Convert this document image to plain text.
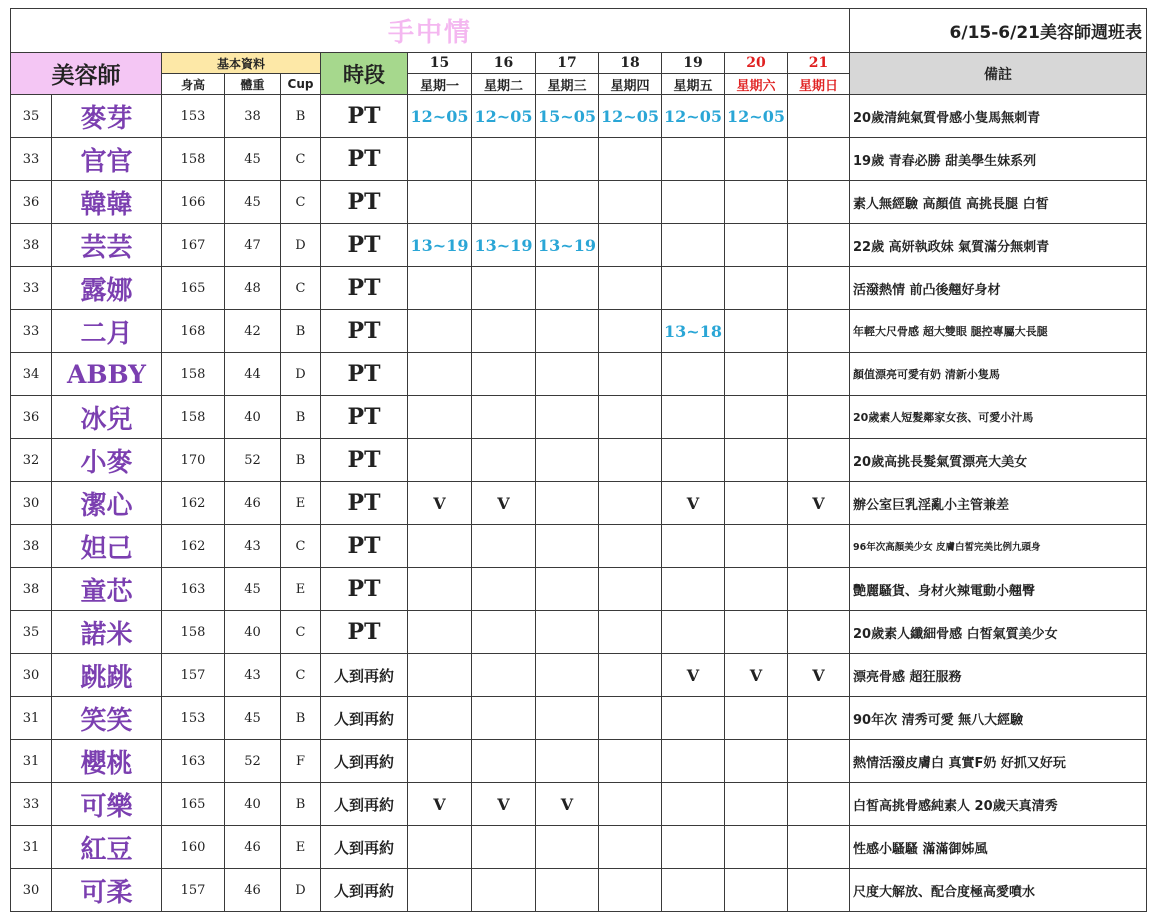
手中情													6/15-6/21美容師週班表
美容師		基本資料			時段	15	16	17	18	19	20	21	備註
		身高	體重	Cup		星期一	星期二	星期三	星期四	星期五	星期六	星期日	
35	麥芽	153	38	B	PT	12~05	12~05	15~05	12~05	12~05	12~05		20歲清純氣質骨感小隻馬無刺青
33	官官	158	45	C	PT								19歲 青春必勝 甜美學生妹系列
36	韓韓	166	45	C	PT								素人無經驗 高顏值 高挑長腿 白皙
38	芸芸	167	47	D	PT	13~19	13~19	13~19					22歲 高妍執政妹 氣質滿分無刺青
33	露娜	165	48	C	PT								活潑熱情 前凸後翹好身材
33	二月	168	42	B	PT					13~18			年輕大尺骨感 超大雙眼 腿控專屬大長腿
34	ABBY	158	44	D	PT								顏值漂亮可愛有奶 清新小隻馬
36	冰兒	158	40	B	PT								20歲素人短髮鄰家女孩、可愛小汁馬
32	小麥	170	52	B	PT								20歲高挑長髮氣質漂亮大美女
30	潔心	162	46	E	PT	V	V			V		V	辦公室巨乳淫亂小主管兼差
38	妲己	162	43	C	PT								96年次高顏美少女 皮膚白皙完美比例九頭身
38	童芯	163	45	E	PT								艷麗騷貨、身材火辣電動小翹臀
35	諾米	158	40	C	PT								20歲素人纖細骨感 白皙氣質美少女
30	跳跳	157	43	C	人到再約					V	V	V	漂亮骨感 超狂服務
31	笑笑	153	45	B	人到再約								90年次 清秀可愛 無八大經驗
31	櫻桃	163	52	F	人到再約								熱情活潑皮膚白 真實F奶 好抓又好玩
33	可樂	165	40	B	人到再約	V	V	V					白皙高挑骨感純素人 20歲天真清秀
31	紅豆	160	46	E	人到再約								性感小騷騷 滿滿御姊風
30	可柔	157	46	D	人到再約								尺度大解放、配合度極高愛噴水
